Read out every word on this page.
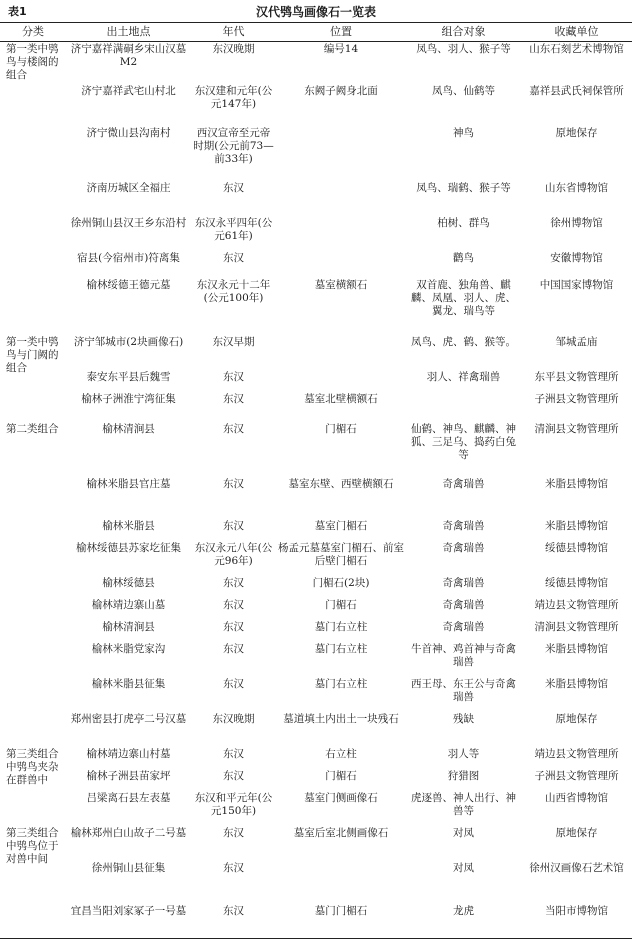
表1	汉代鸮鸟画像石一览表
分类	出土地点	年代	位置	组合对象	收藏单位
第一类中鸮鸟与楼阁的组合	济宁嘉祥满硐乡宋山汉墓M2	东汉晚期	编号14	凤鸟、羽人、猴子等	山东石刻艺术博物馆
	济宁嘉祥武宅山村北	东汉建和元年(公元147年)	东阙子阙身北面	凤鸟、仙鹤等	嘉祥县武氏祠保管所
	济宁微山县沟南村	西汉宣帝至元帝时期(公元前73—前33年)		神鸟	原地保存
	济南历城区全福庄	东汉		凤鸟、瑞鹤、猴子等	山东省博物馆
	徐州铜山县汉王乡东沿村	东汉永平四年(公元61年)		柏树、群鸟	徐州博物馆
	宿县(今宿州市)符离集	东汉		鹳鸟	安徽博物馆
	榆林绥德王德元墓	东汉永元十二年(公元100年)	墓室横额石	双首鹿、独角兽、麒麟、凤凰、羽人、虎、翼龙、瑞鸟等	中国国家博物馆
第一类中鸮鸟与门阙的组合	济宁邹城市(2块画像石)	东汉早期		凤鸟、虎、鹤、猴等。	邹城孟庙
	泰安东平县后魏雪	东汉		羽人、祥禽瑞兽	东平县文物管理所
	榆林子洲淮宁湾征集	东汉	墓室北壁横额石		子洲县文物管理所
第二类组合	榆林清涧县	东汉	门楣石	仙鹤、神鸟、麒麟、神狐、三足乌、捣药白兔等	清涧县文物管理所
	榆林米脂县官庄墓	东汉	墓室东壁、西壁横额石	奇禽瑞兽	米脂县博物馆
	榆林米脂县	东汉	墓室门楣石	奇禽瑞兽	米脂县博物馆
	榆林绥德县苏家圪征集	东汉永元八年(公元96年)	杨孟元墓墓室门楣石、前室后壁门楣石	奇禽瑞兽	绥德县博物馆
	榆林绥德县	东汉	门楣石(2块)	奇禽瑞兽	绥德县博物馆
	榆林靖边寨山墓	东汉	门楣石	奇禽瑞兽	靖边县文物管理所
	榆林清涧县	东汉	墓门右立柱	奇禽瑞兽	清涧县文物管理所
	榆林米脂党家沟	东汉	墓门右立柱	牛首神、鸡首神与奇禽瑞兽	米脂县博物馆
	榆林米脂县征集	东汉	墓门右立柱	西王母、东王公与奇禽瑞兽	米脂县博物馆
	郑州密县打虎亭二号汉墓	东汉晚期	墓道填土内出土一块残石	残缺	原地保存
第三类组合中鸮鸟夹杂在群兽中	榆林靖边寨山村墓	东汉	右立柱	羽人等	靖边县文物管理所
	榆林子洲县苗家坪	东汉	门楣石	狩猎图	子洲县文物管理所
	吕梁离石县左表墓	东汉和平元年(公元150年)	墓室门侧画像石	虎逐兽、神人出行、神兽等	山西省博物馆
第三类组合中鸮鸟位于对兽中间	榆林郑州白山故子二号墓	东汉	墓室后室北侧画像石	对凤	原地保存
	徐州铜山县征集	东汉		对凤	徐州汉画像石艺术馆
	宜昌当阳刘家冢子一号墓	东汉	墓门门楣石	龙虎	当阳市博物馆
